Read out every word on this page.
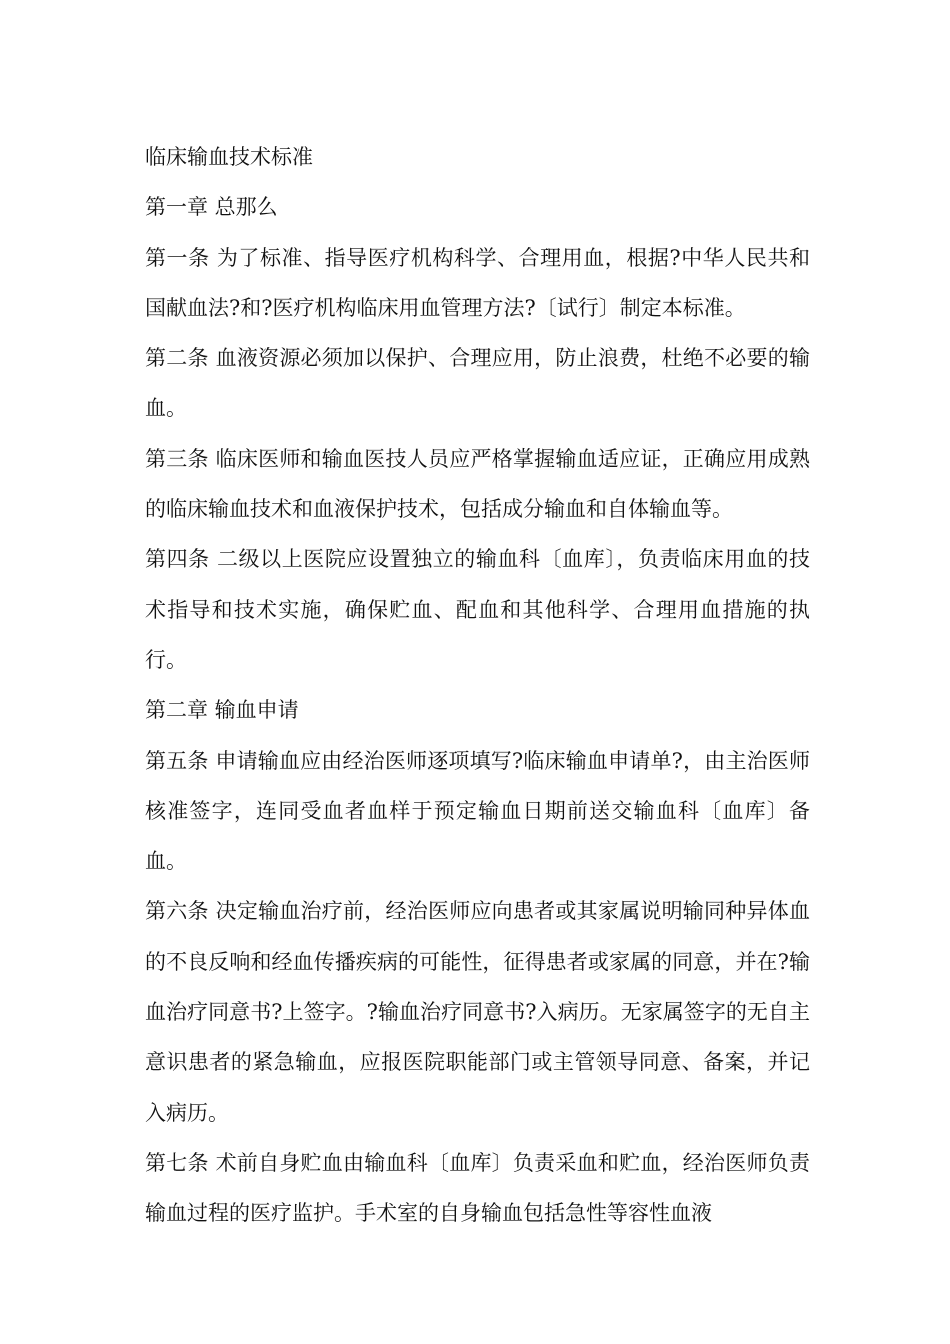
临床输血技术标准

第一章 总那么

第一条 为了标准、指导医疗机构科学、合理用血，根据?中华人民共和国献血法?和?医疗机构临床用血管理方法?〔试行〕制定本标准。

第二条 血液资源必须加以保护、合理应用，防止浪费，杜绝不必要的输血。

第三条 临床医师和输血医技人员应严格掌握输血适应证，正确应用成熟的临床输血技术和血液保护技术，包括成分输血和自体输血等。

第四条 二级以上医院应设置独立的输血科〔血库〕，负责临床用血的技术指导和技术实施，确保贮血、配血和其他科学、合理用血措施的执行。

第二章 输血申请

第五条 申请输血应由经治医师逐项填写?临床输血申请单?，由主治医师核准签字，连同受血者血样于预定输血日期前送交输血科〔血库〕备血。

第六条 决定输血治疗前，经治医师应向患者或其家属说明输同种异体血的不良反响和经血传播疾病的可能性，征得患者或家属的同意，并在?输血治疗同意书?上签字。?输血治疗同意书?入病历。无家属签字的无自主意识患者的紧急输血，应报医院职能部门或主管领导同意、备案，并记入病历。

第七条 术前自身贮血由输血科〔血库〕负责采血和贮血，经治医师负责输血过程的医疗监护。手术室的自身输血包括急性等容性血液
